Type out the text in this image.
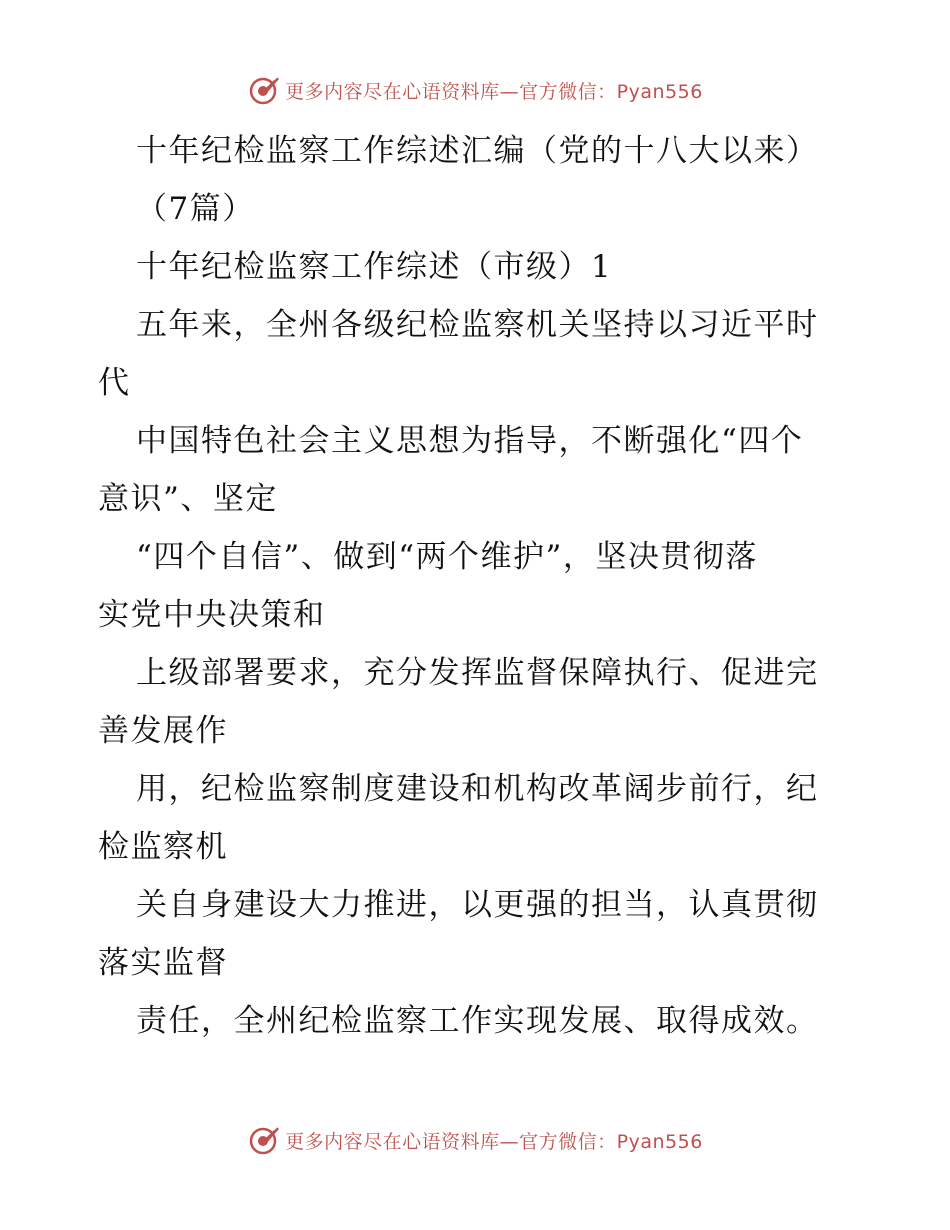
更多内容尽在心语资料库—官方微信：Pyan556
十年纪检监察工作综述汇编（党的十八大以来）
（7篇）
十年纪检监察工作综述（市级）1
五年来，全州各级纪检监察机关坚持以习近平时
代
中国特色社会主义思想为指导，不断强化“四个
意识”、坚定
“四个自信”、做到“两个维护”，坚决贯彻落
实党中央决策和
上级部署要求，充分发挥监督保障执行、促进完
善发展作
用，纪检监察制度建设和机构改革阔步前行，纪
检监察机
关自身建设大力推进，以更强的担当，认真贯彻
落实监督
责任，全州纪检监察工作实现发展、取得成效。
更多内容尽在心语资料库—官方微信：Pyan556
